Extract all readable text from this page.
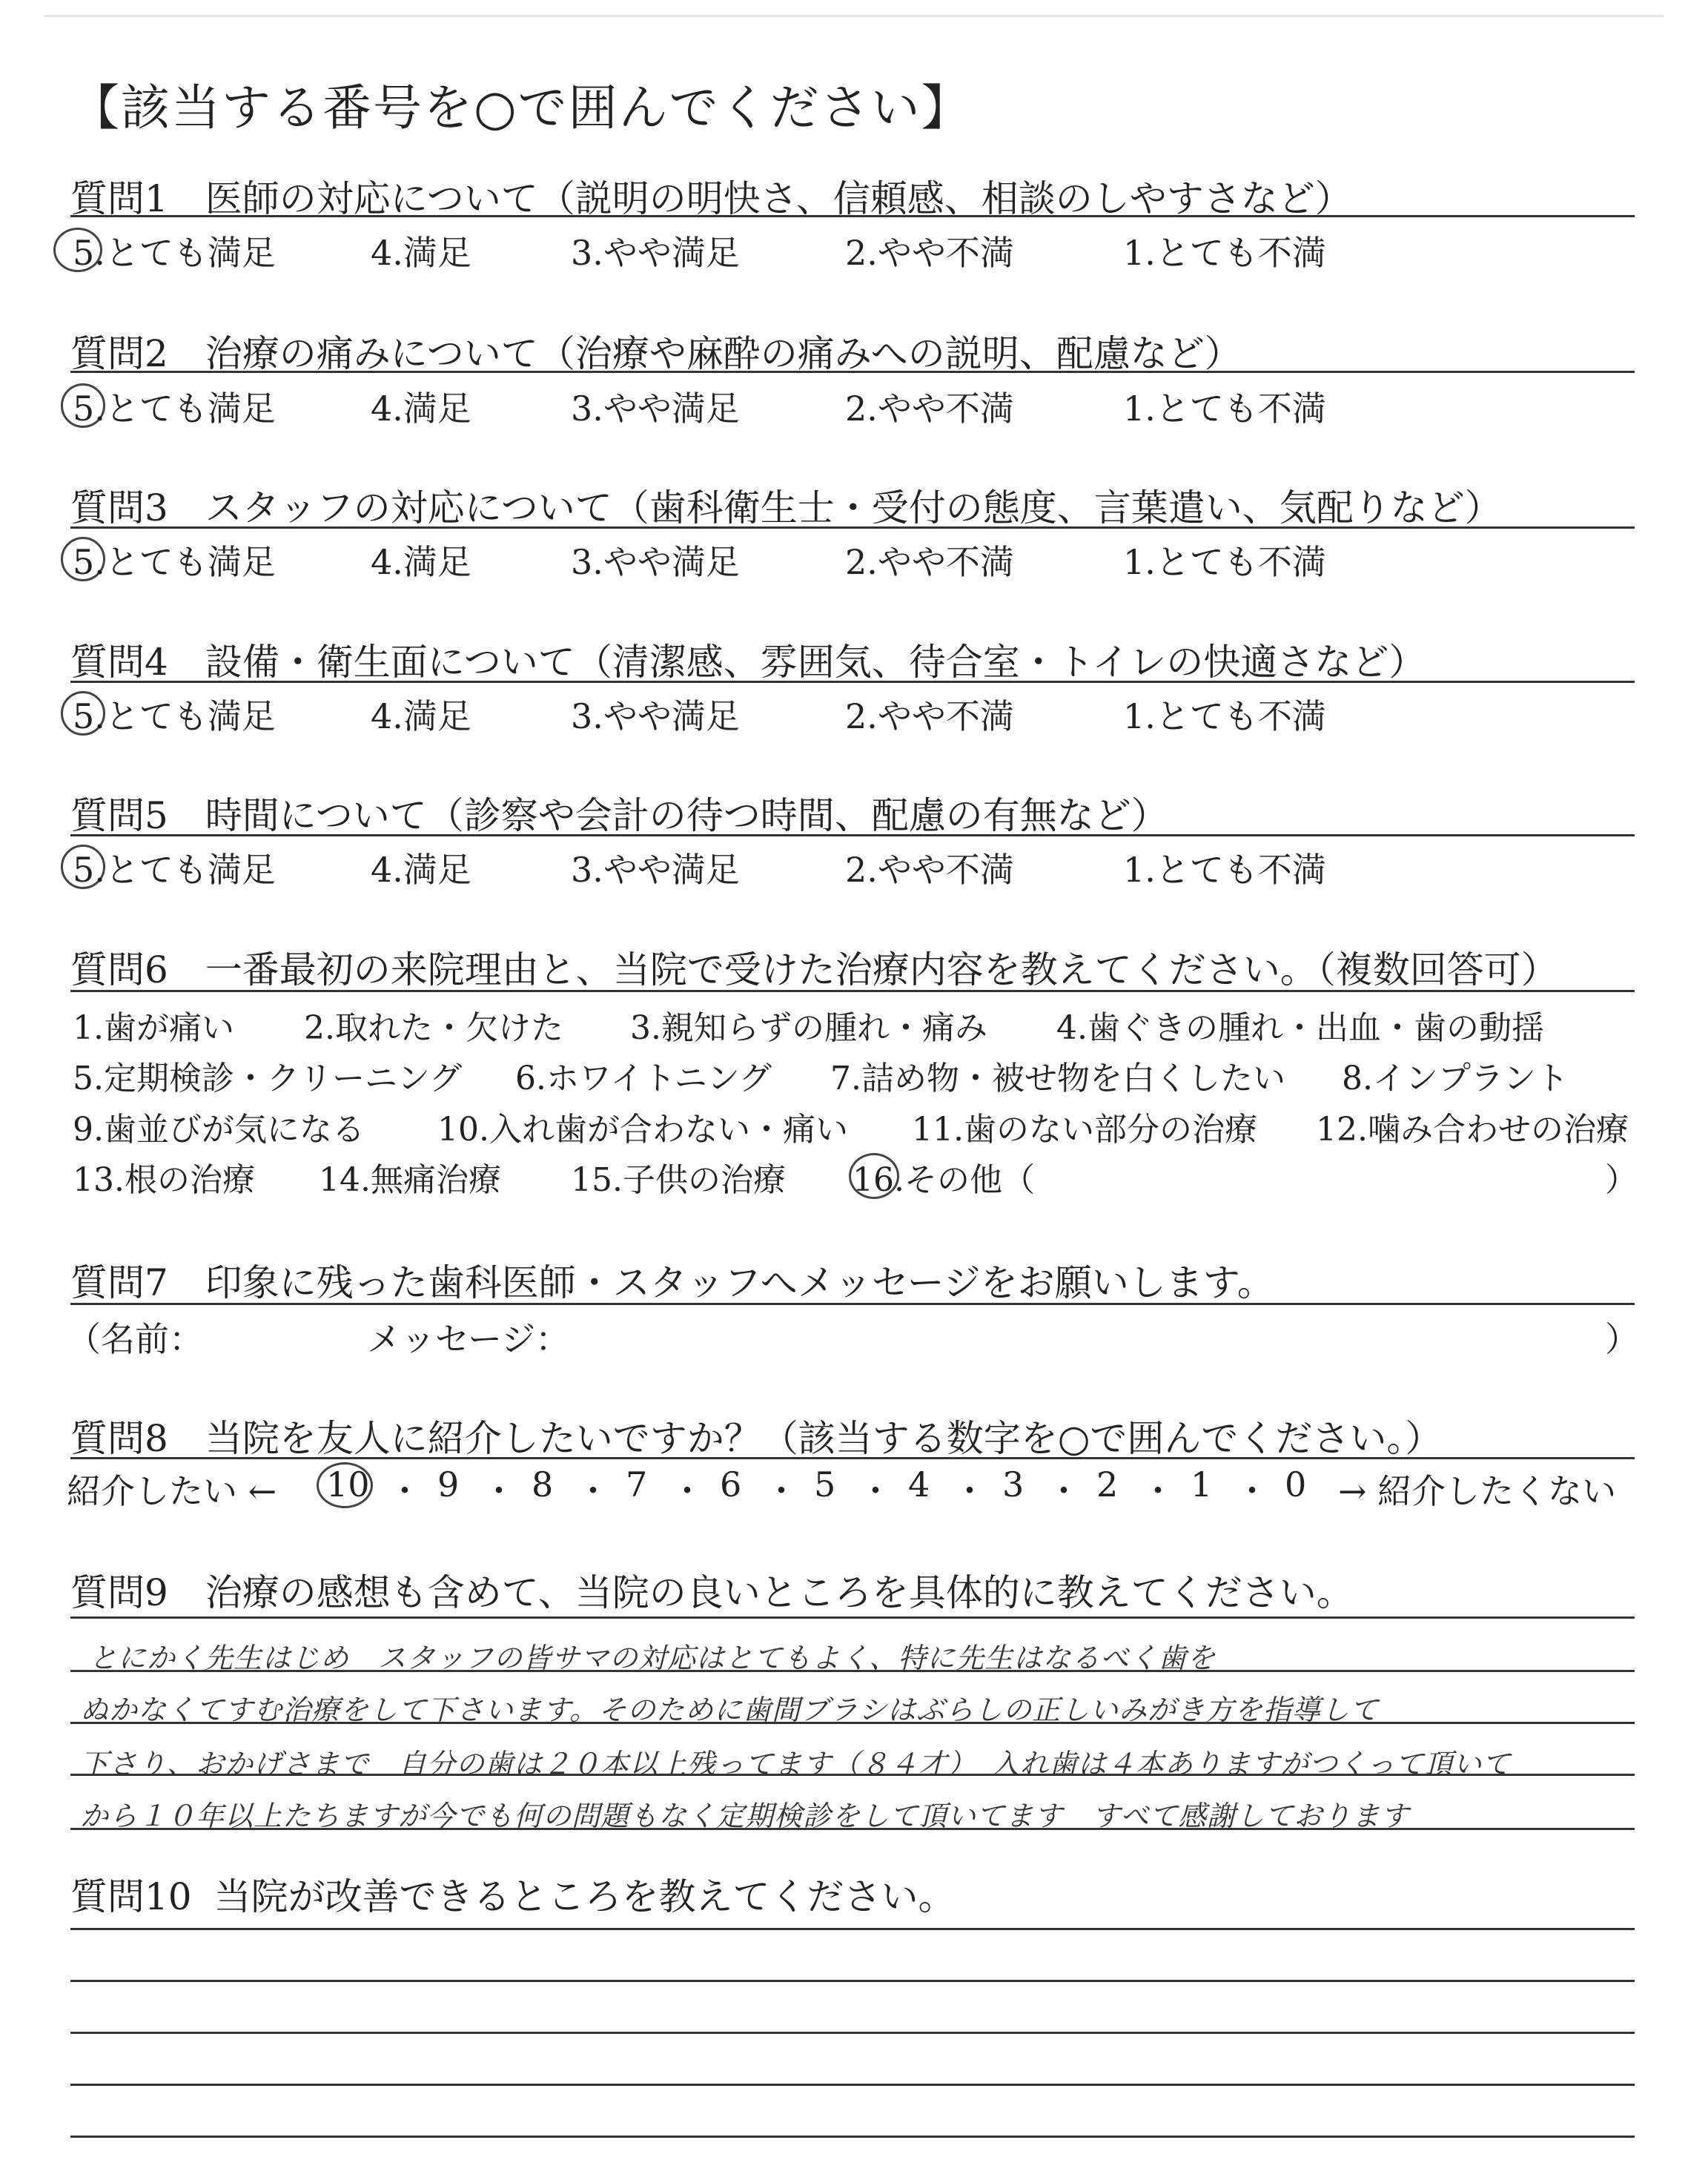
【該当する番号を○で囲んでください】
質問1 医師の対応について（説明の明快さ、信頼感、相談のしやすさなど）
5.とても満足	4.満足	3.やや満足	2.やや不満	1.とても不満
質問2 治療の痛みについて（治療や麻酔の痛みへの説明、配慮など）
5.とても満足	4.満足	3.やや満足	2.やや不満	1.とても不満
質問3 スタッフの対応について（歯科衛生士・受付の態度、言葉遣い、気配りなど）
5.とても満足	4.満足	3.やや満足	2.やや不満	1.とても不満
質問4 設備・衛生面について（清潔感、雰囲気、待合室・トイレの快適さなど）
5.とても満足	4.満足	3.やや満足	2.やや不満	1.とても不満
質問5 時間について（診察や会計の待つ時間、配慮の有無など）
5.とても満足	4.満足	3.やや満足	2.やや不満	1.とても不満
質問6 一番最初の来院理由と、当院で受けた治療内容を教えてください。（複数回答可）
1.歯が痛い 2.取れた・欠けた 3.親知らずの腫れ・痛み 4.歯ぐきの腫れ・出血・歯の動揺
5.定期検診・クリーニング 6.ホワイトニング 7.詰め物・被せ物を白くしたい 8.インプラント
9.歯並びが気になる 10.入れ歯が合わない・痛い 11.歯のない部分の治療 12.噛み合わせの治療
13.根の治療 14.無痛治療 15.子供の治療 16.その他（	）
質問7 印象に残った歯科医師・スタッフへメッセージをお願いします。
（名前：	メッセージ：	）
質問8 当院を友人に紹介したいですか？（該当する数字を○で囲んでください。）
紹介したい ← 10 ・ 9 ・ 8 ・ 7 ・ 6 ・ 5 ・ 4 ・ 3 ・ 2 ・ 1 ・ 0 → 紹介したくない
質問9 治療の感想も含めて、当院の良いところを具体的に教えてください。
とにかく先生はじめ　スタッフの皆サマの対応はとてもよく、特に先生はなるべく歯を
ぬかなくてすむ治療をして下さいます。そのために歯間ブラシはぶらしの正しいみがき方を指導して
下さり、おかげさまで　自分の歯は２０本以上残ってます（８４才）　入れ歯は４本ありますがつくって頂いて
から１０年以上たちますが今でも何の問題もなく定期検診をして頂いてます　すべて感謝しております
質問10 当院が改善できるところを教えてください。
